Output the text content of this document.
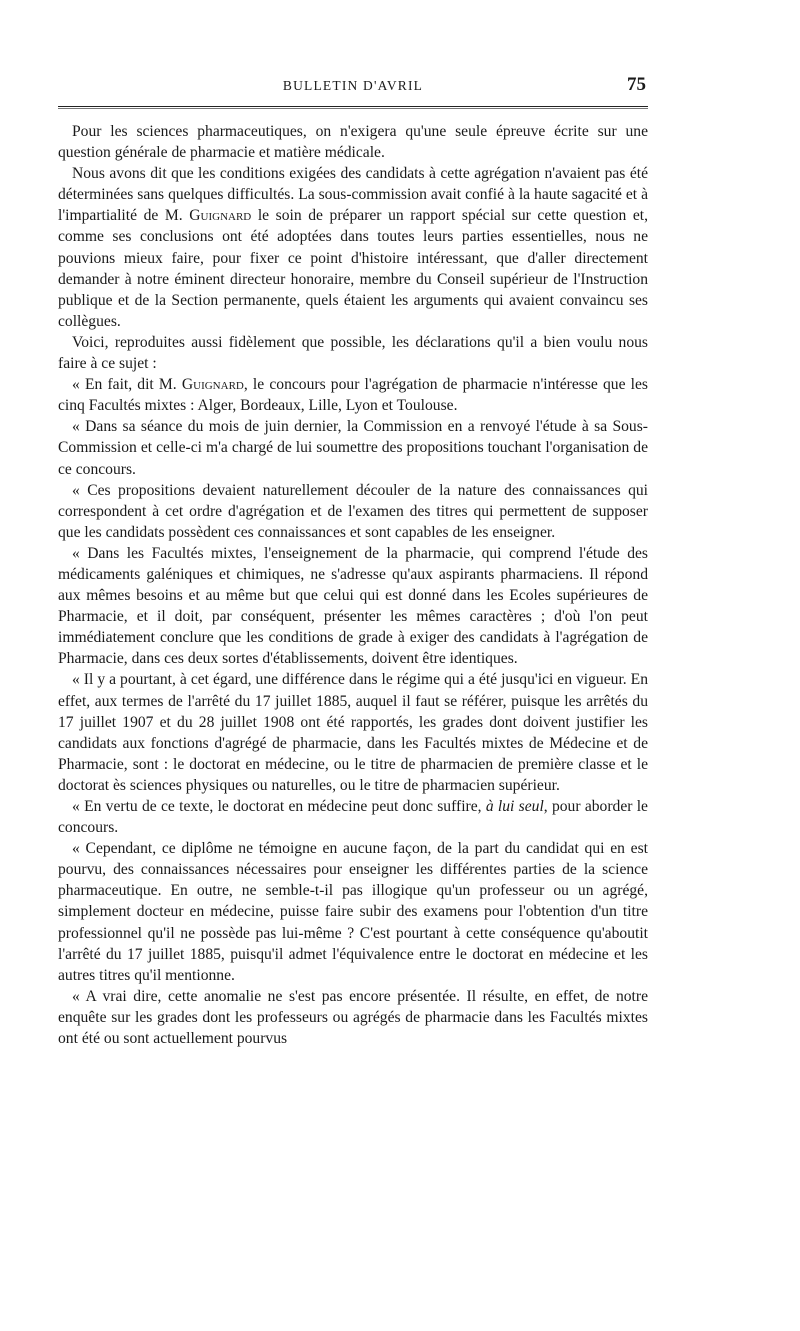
BULLETIN D'AVRIL	75

Pour les sciences pharmaceutiques, on n'exigera qu'une seule épreuve écrite sur une question générale de pharmacie et matière médicale.

Nous avons dit que les conditions exigées des candidats à cette agrégation n'avaient pas été déterminées sans quelques difficultés. La sous-commission avait confié à la haute sagacité et à l'impartialité de M. Guignard le soin de préparer un rapport spécial sur cette question et, comme ses conclusions ont été adoptées dans toutes leurs parties essentielles, nous ne pouvions mieux faire, pour fixer ce point d'histoire intéressant, que d'aller directement demander à notre éminent directeur honoraire, membre du Conseil supérieur de l'Instruction publique et de la Section permanente, quels étaient les arguments qui avaient convaincu ses collègues.

Voici, reproduites aussi fidèlement que possible, les déclarations qu'il a bien voulu nous faire à ce sujet :

« En fait, dit M. Guignard, le concours pour l'agrégation de pharmacie n'intéresse que les cinq Facultés mixtes : Alger, Bordeaux, Lille, Lyon et Toulouse.

« Dans sa séance du mois de juin dernier, la Commission en a renvoyé l'étude à sa Sous-Commission et celle-ci m'a chargé de lui soumettre des propositions touchant l'organisation de ce concours.

« Ces propositions devaient naturellement découler de la nature des connaissances qui correspondent à cet ordre d'agrégation et de l'examen des titres qui permettent de supposer que les candidats possèdent ces connaissances et sont capables de les enseigner.

« Dans les Facultés mixtes, l'enseignement de la pharmacie, qui comprend l'étude des médicaments galéniques et chimiques, ne s'adresse qu'aux aspirants pharmaciens. Il répond aux mêmes besoins et au même but que celui qui est donné dans les Ecoles supérieures de Pharmacie, et il doit, par conséquent, présenter les mêmes caractères ; d'où l'on peut immédiatement conclure que les conditions de grade à exiger des candidats à l'agrégation de Pharmacie, dans ces deux sortes d'établissements, doivent être identiques.

« Il y a pourtant, à cet égard, une différence dans le régime qui a été jusqu'ici en vigueur. En effet, aux termes de l'arrêté du 17 juillet 1885, auquel il faut se référer, puisque les arrêtés du 17 juillet 1907 et du 28 juillet 1908 ont été rapportés, les grades dont doivent justifier les candidats aux fonctions d'agrégé de pharmacie, dans les Facultés mixtes de Médecine et de Pharmacie, sont : le doctorat en médecine, ou le titre de pharmacien de première classe et le doctorat ès sciences physiques ou naturelles, ou le titre de pharmacien supérieur.

« En vertu de ce texte, le doctorat en médecine peut donc suffire, à lui seul, pour aborder le concours.

« Cependant, ce diplôme ne témoigne en aucune façon, de la part du candidat qui en est pourvu, des connaissances nécessaires pour enseigner les différentes parties de la science pharmaceutique. En outre, ne semble-t-il pas illogique qu'un professeur ou un agrégé, simplement docteur en médecine, puisse faire subir des examens pour l'obtention d'un titre professionnel qu'il ne possède pas lui-même ? C'est pourtant à cette conséquence qu'aboutit l'arrêté du 17 juillet 1885, puisqu'il admet l'équivalence entre le doctorat en médecine et les autres titres qu'il mentionne.

« A vrai dire, cette anomalie ne s'est pas encore présentée. Il résulte, en effet, de notre enquête sur les grades dont les professeurs ou agrégés de pharmacie dans les Facultés mixtes ont été ou sont actuellement pourvus
